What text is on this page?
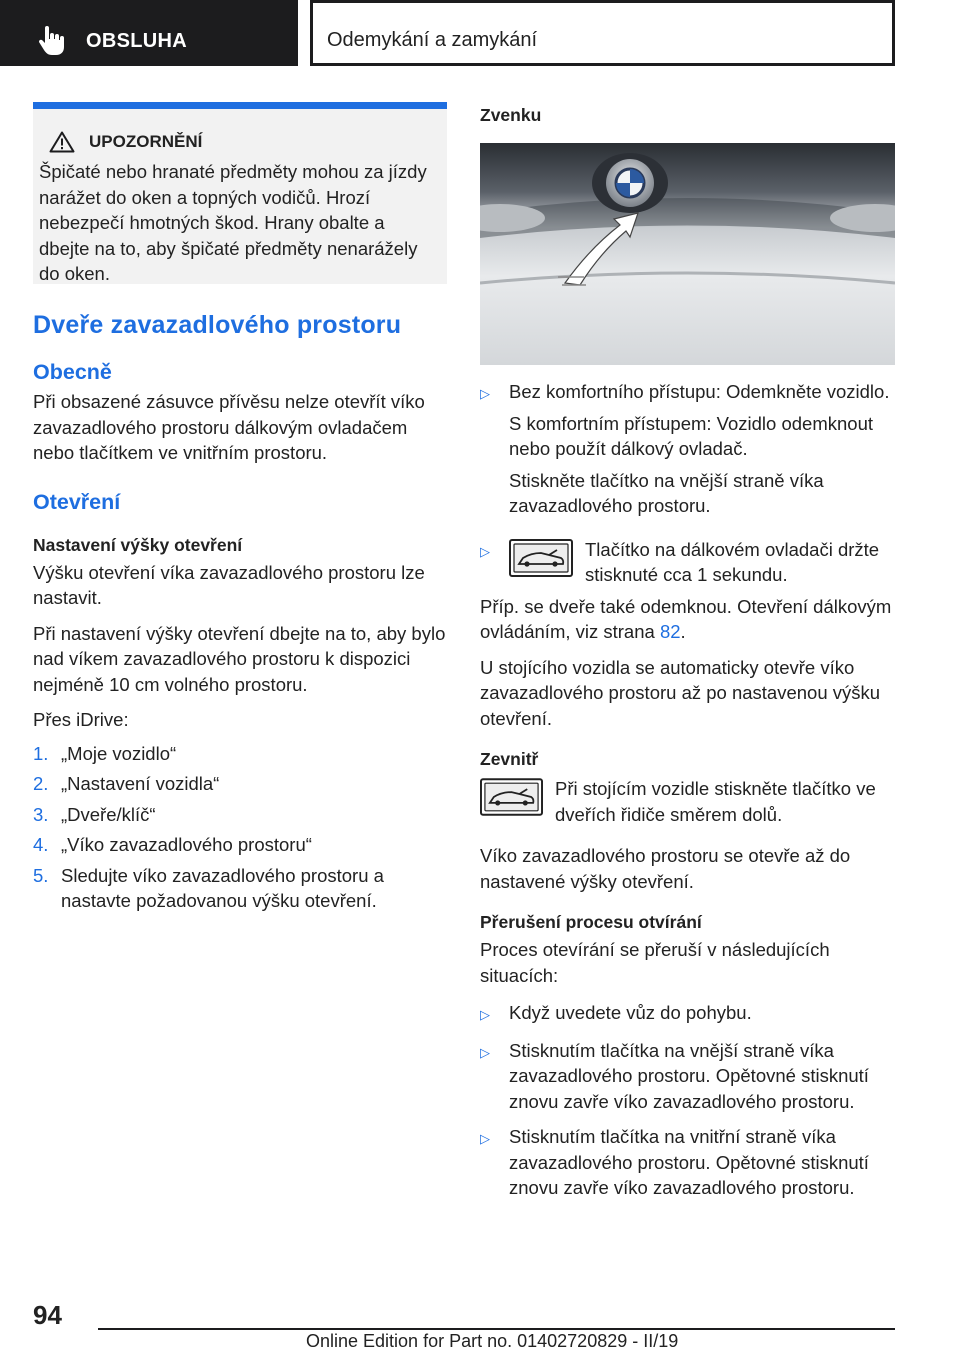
OBSLUHA	Odemykání a zamykání
UPOZORNĚNÍ
Špičaté nebo hranaté předměty mohou za jízdy narážet do oken a topných vodičů. Hrozí nebezpečí hmotných škod. Hrany obalte a dbejte na to, aby špičaté předměty nenarážely do oken.
Dveře zavazadlového prostoru
Obecně
Při obsazené zásuvce přívěsu nelze otevřít víko zavazadlového prostoru dálkovým ovladačem nebo tlačítkem ve vnitřním prostoru.
Otevření
Nastavení výšky otevření
Výšku otevření víka zavazadlového prostoru lze nastavit.
Při nastavení výšky otevření dbejte na to, aby bylo nad víkem zavazadlového prostoru k dispozici nejméně 10 cm volného prostoru.
Přes iDrive:
1. „Moje vozidlo“
2. „Nastavení vozidla“
3. „Dveře/klíč“
4. „Víko zavazadlového prostoru“
5. Sledujte víko zavazadlového prostoru a nastavte požadovanou výšku otevření.
Zvenku
▷	Bez komfortního přístupu: Odemkněte vozidlo.
S komfortním přístupem: Vozidlo odemknout nebo použít dálkový ovladač.
Stiskněte tlačítko na vnější straně víka zavazadlového prostoru.
▷	Tlačítko na dálkovém ovladači držte stisknuté cca 1 sekundu.
Příp. se dveře také odemknou. Otevření dálkovým ovládáním, viz strana 82.
U stojícího vozidla se automaticky otevře víko zavazadlového prostoru až po nastavenou výšku otevření.
Zevnitř
Při stojícím vozidle stiskněte tlačítko ve dveřích řidiče směrem dolů.
Víko zavazadlového prostoru se otevře až do nastavené výšky otevření.
Přerušení procesu otvírání
Proces otevírání se přeruší v následujících situacích:
▷	Když uvedete vůz do pohybu.
▷	Stisknutím tlačítka na vnější straně víka zavazadlového prostoru. Opětovné stisknutí znovu zavře víko zavazadlového prostoru.
▷	Stisknutím tlačítka na vnitřní straně víka zavazadlového prostoru. Opětovné stisknutí znovu zavře víko zavazadlového prostoru.
94
Online Edition for Part no. 01402720829 - II/19
